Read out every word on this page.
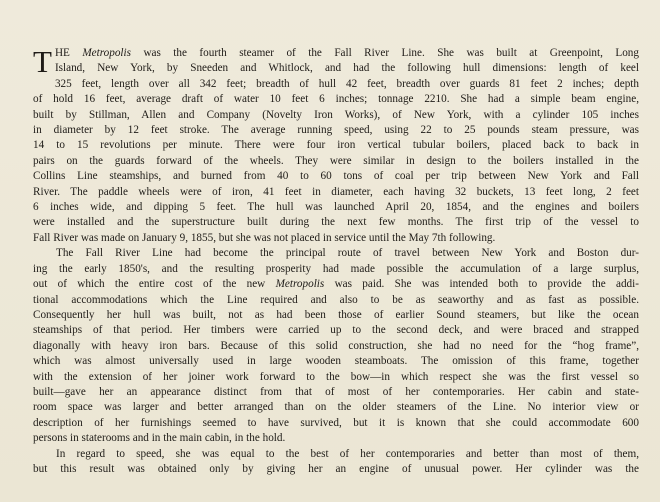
T HE Metropolis was the fourth steamer of the Fall River Line. She was built at Greenpoint, Long
Island, New York, by Sneeden and Whitlock, and had the following hull dimensions: length of keel
325 feet, length over all 342 feet; breadth of hull 42 feet, breadth over guards 81 feet 2 inches; depth
of hold 16 feet, average draft of water 10 feet 6 inches; tonnage 2210. She had a simple beam engine,
built by Stillman, Allen and Company (Novelty Iron Works), of New York, with a cylinder 105 inches
in diameter by 12 feet stroke. The average running speed, using 22 to 25 pounds steam pressure, was
14 to 15 revolutions per minute. There were four iron vertical tubular boilers, placed back to back in
pairs on the guards forward of the wheels. They were similar in design to the boilers installed in the
Collins Line steamships, and burned from 40 to 60 tons of coal per trip between New York and Fall
River. The paddle wheels were of iron, 41 feet in diameter, each having 32 buckets, 13 feet long, 2 feet
6 inches wide, and dipping 5 feet. The hull was launched April 20, 1854, and the engines and boilers
were installed and the superstructure built during the next few months. The first trip of the vessel to
Fall River was made on January 9, 1855, but she was not placed in service until the May 7th following.
The Fall River Line had become the principal route of travel between New York and Boston dur-
ing the early 1850's, and the resulting prosperity had made possible the accumulation of a large surplus,
out of which the entire cost of the new Metropolis was paid. She was intended both to provide the addi-
tional accommodations which the Line required and also to be as seaworthy and as fast as possible.
Consequently her hull was built, not as had been those of earlier Sound steamers, but like the ocean
steamships of that period. Her timbers were carried up to the second deck, and were braced and strapped
diagonally with heavy iron bars. Because of this solid construction, she had no need for the “hog frame”,
which was almost universally used in large wooden steamboats. The omission of this frame, together
with the extension of her joiner work forward to the bow—in which respect she was the first vessel so
built—gave her an appearance distinct from that of most of her contemporaries. Her cabin and state-
room space was larger and better arranged than on the older steamers of the Line. No interior view or
description of her furnishings seemed to have survived, but it is known that she could accommodate 600
persons in staterooms and in the main cabin, in the hold.
In regard to speed, she was equal to the best of her contemporaries and better than most of them,
but this result was obtained only by giving her an engine of unusual power. Her cylinder was the
